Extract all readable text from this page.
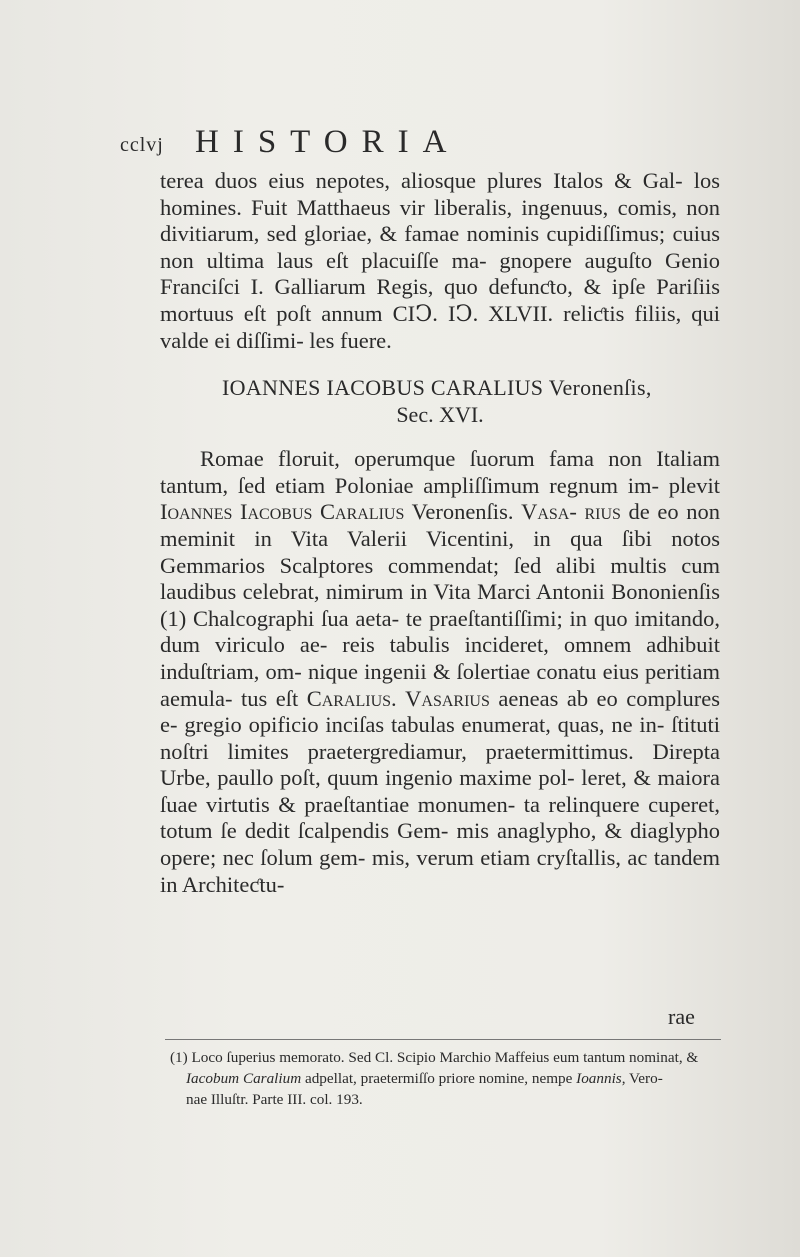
cclvj HISTORIA

terea duos eius nepotes, aliosque plures Italos & Gal- los homines. Fuit Matthaeus vir liberalis, ingenuus, comis, non divitiarum, sed gloriae, & famae nominis cupidiſſimus; cuius non ultima laus eſt placuiſſe ma- gnopere auguſto Genio Franciſci I. Galliarum Regis, quo defunƈto, & ipſe Pariſiis mortuus eſt poſt annum CIↃ. IↃ. XLVII. reliƈtis filiis, qui valde ei diſſimi- les fuere.

IOANNES IACOBUS CARALIUS Veronenſis,
Sec. XVI.

Romae floruit, operumque ſuorum fama non Italiam tantum, ſed etiam Poloniae ampliſſimum regnum im- plevit Ioannes Iacobus Caralius Veronenſis. Vasa- rius de eo non meminit in Vita Valerii Vicentini, in qua ſibi notos Gemmarios Scalptores commendat; ſed alibi multis cum laudibus celebrat, nimirum in Vita Marci Antonii Bononienſis (1) Chalcographi ſua aeta- te praeſtantiſſimi; in quo imitando, dum viriculo ae- reis tabulis incideret, omnem adhibuit induſtriam, om- nique ingenii & ſolertiae conatu eius peritiam aemula- tus eſt Caralius. Vasarius aeneas ab eo complures e- gregio opificio inciſas tabulas enumerat, quas, ne in- ſtituti noſtri limites praetergrediamur, praetermittimus. Direpta Urbe, paullo poſt, quum ingenio maxime pol- leret, & maiora ſuae virtutis & praeſtantiae monumen- ta relinquere cuperet, totum ſe dedit ſcalpendis Gem- mis anaglypho, & diaglypho opere; nec ſolum gem- mis, verum etiam cryſtallis, ac tandem in Architeƈtu-

rae
(1) Loco ſuperius memorato. Sed Cl. Scipio Marchio Maffeius eum tantum nominat, &
Iacobum Caralium adpellat, praetermiſſo priore nomine, nempe Ioannis, Vero-
nae Illuſtr. Parte III. col. 193.
